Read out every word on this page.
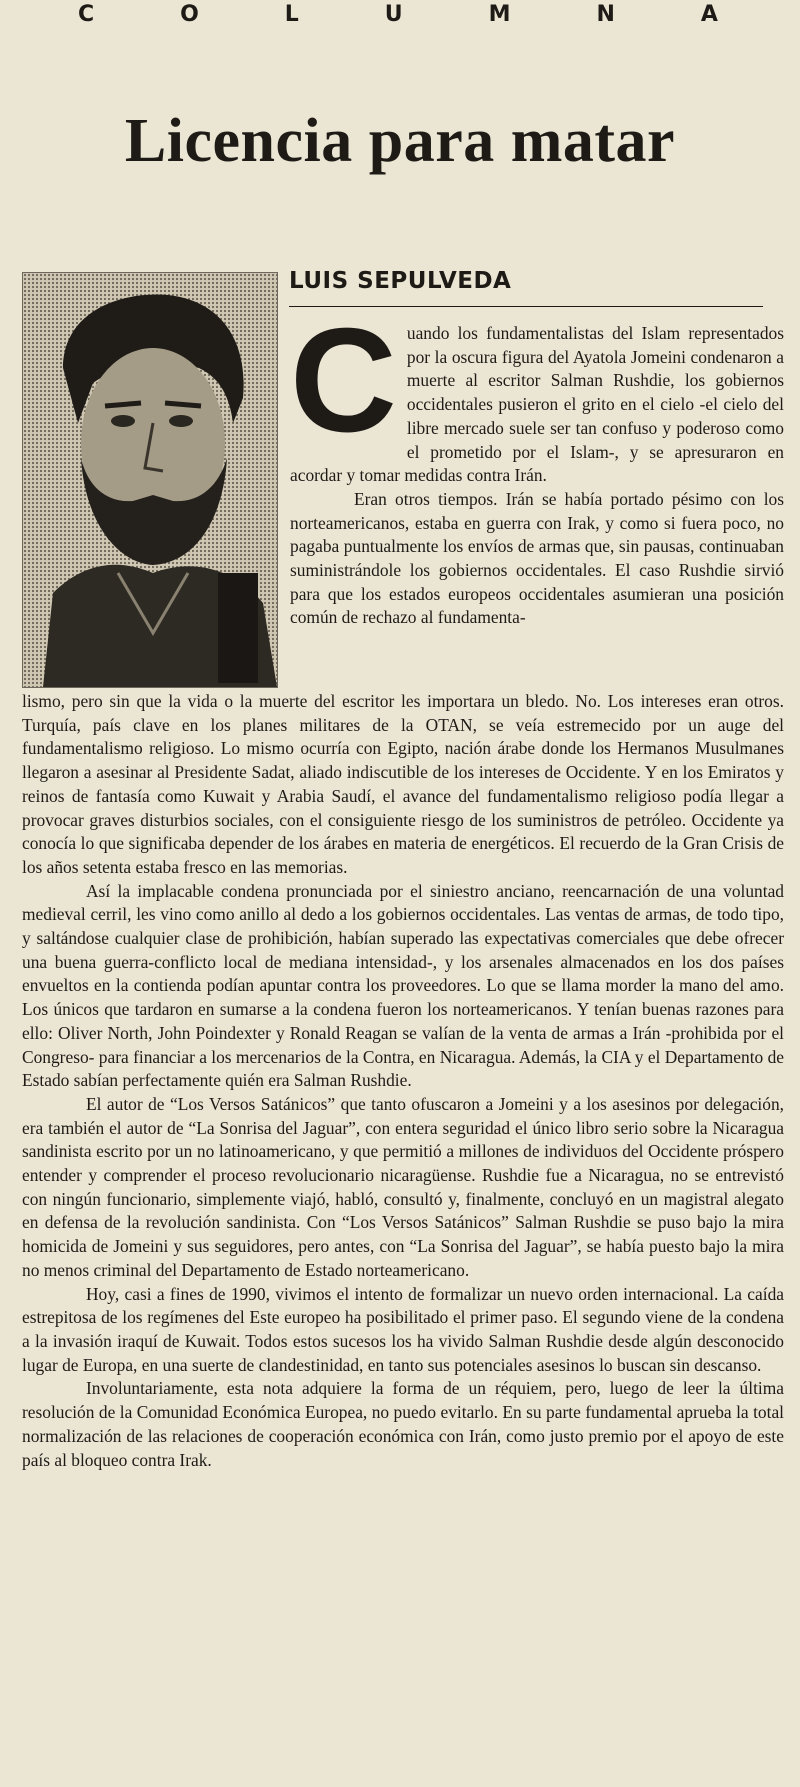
C	O	L	U	M	N	A
Licencia para matar
LUIS SEPULVEDA

Cuando los fundamentalistas del Islam representados por la oscura figura del Ayatola Jomeini condenaron a muerte al escritor Salman Rushdie, los gobiernos occidentales pusieron el grito en el cielo -el cielo del libre mercado suele ser tan confuso y poderoso como el prometido por el Islam-, y se apresuraron en acordar y tomar medidas contra Irán.

Eran otros tiempos. Irán se había portado pésimo con los norteamericanos, estaba en guerra con Irak, y como si fuera poco, no pagaba puntualmente los envíos de armas que, sin pausas, continuaban suministrándole los gobiernos occidentales. El caso Rushdie sirvió para que los estados europeos occidentales asumieran una posición común de rechazo al fundamenta-

lismo, pero sin que la vida o la muerte del escritor les importara un bledo. No. Los intereses eran otros. Turquía, país clave en los planes militares de la OTAN, se veía estremecido por un auge del fundamentalismo religioso. Lo mismo ocurría con Egipto, nación árabe donde los Hermanos Musulmanes llegaron a asesinar al Presidente Sadat, aliado indiscutible de los intereses de Occidente. Y en los Emiratos y reinos de fantasía como Kuwait y Arabia Saudí, el avance del fundamentalismo religioso podía llegar a provocar graves disturbios sociales, con el consiguiente riesgo de los suministros de petróleo. Occidente ya conocía lo que significaba depender de los árabes en materia de energéticos. El recuerdo de la Gran Crisis de los años setenta estaba fresco en las memorias.

Así la implacable condena pronunciada por el siniestro anciano, reencarnación de una voluntad medieval cerril, les vino como anillo al dedo a los gobiernos occidentales. Las ventas de armas, de todo tipo, y saltándose cualquier clase de prohibición, habían superado las expectativas comerciales que debe ofrecer una buena guerra-conflicto local de mediana intensidad-, y los arsenales almacenados en los dos países envueltos en la contienda podían apuntar contra los proveedores. Lo que se llama morder la mano del amo. Los únicos que tardaron en sumarse a la condena fueron los norteamericanos. Y tenían buenas razones para ello: Oliver North, John Poindexter y Ronald Reagan se valían de la venta de armas a Irán -prohibida por el Congreso- para financiar a los mercenarios de la Contra, en Nicaragua. Además, la CIA y el Departamento de Estado sabían perfectamente quién era Salman Rushdie.

El autor de “Los Versos Satánicos” que tanto ofuscaron a Jomeini y a los asesinos por delegación, era también el autor de “La Sonrisa del Jaguar”, con entera seguridad el único libro serio sobre la Nicaragua sandinista escrito por un no latinoamericano, y que permitió a millones de individuos del Occidente próspero entender y comprender el proceso revolucionario nicaragüense. Rushdie fue a Nicaragua, no se entrevistó con ningún funcionario, simplemente viajó, habló, consultó y, finalmente, concluyó en un magistral alegato en defensa de la revolución sandinista. Con “Los Versos Satánicos” Salman Rushdie se puso bajo la mira homicida de Jomeini y sus seguidores, pero antes, con “La Sonrisa del Jaguar”, se había puesto bajo la mira no menos criminal del Departamento de Estado norteamericano.

Hoy, casi a fines de 1990, vivimos el intento de formalizar un nuevo orden internacional. La caída estrepitosa de los regímenes del Este europeo ha posibilitado el primer paso. El segundo viene de la condena a la invasión iraquí de Kuwait. Todos estos sucesos los ha vivido Salman Rushdie desde algún desconocido lugar de Europa, en una suerte de clandestinidad, en tanto sus potenciales asesinos lo buscan sin descanso.

Involuntariamente, esta nota adquiere la forma de un réquiem, pero, luego de leer la última resolución de la Comunidad Económica Europea, no puedo evitarlo. En su parte fundamental aprueba la total normalización de las relaciones de cooperación económica con Irán, como justo premio por el apoyo de este país al bloqueo contra Irak.
